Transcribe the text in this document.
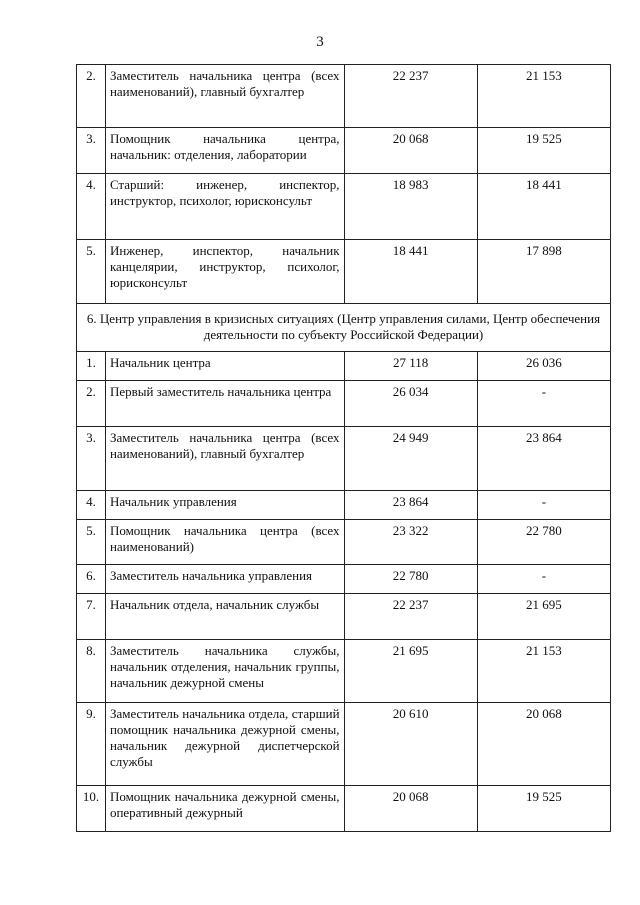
3
2.	Заместитель начальника центра (всех наименований), главный бухгалтер	22 237	21 153
3.	Помощник начальника центра, начальник: отделения, лаборатории	20 068	19 525
4.	Старший: инженер, инспектор, инструктор, психолог, юрисконсульт	18 983	18 441
5.	Инженер, инспектор, начальник канцелярии, инструктор, психолог, юрисконсульт	18 441	17 898
6. Центр управления в кризисных ситуациях (Центр управления силами, Центр обеспечения деятельности по субъекту Российской Федерации)			
1.	Начальник центра	27 118	26 036
2.	Первый заместитель начальника центра	26 034	-
3.	Заместитель начальника центра (всех наименований), главный бухгалтер	24 949	23 864
4.	Начальник управления	23 864	-
5.	Помощник начальника центра (всех наименований)	23 322	22 780
6.	Заместитель начальника управления	22 780	-
7.	Начальник отдела, начальник службы	22 237	21 695
8.	Заместитель начальника службы, начальник отделения, начальник группы, начальник дежурной смены	21 695	21 153
9.	Заместитель начальника отдела, старший помощник начальника дежурной смены, начальник дежурной диспетчерской службы	20 610	20 068
10.	Помощник начальника дежурной смены, оперативный дежурный	20 068	19 525
